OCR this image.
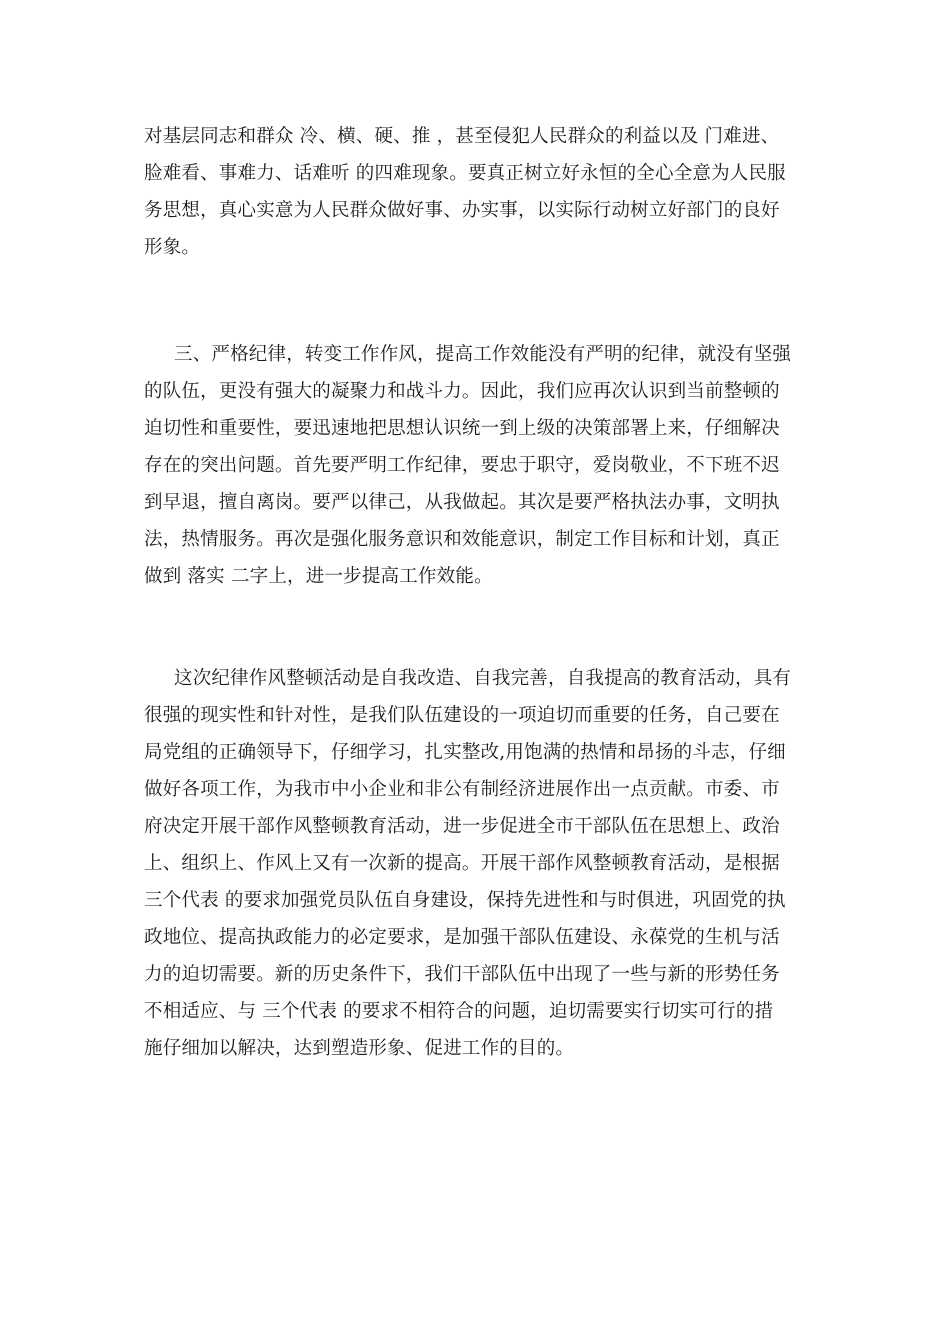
对基层同志和群众 冷、横、硬、推 ，甚至侵犯人民群众的利益以及 门难进、
脸难看、事难力、话难听 的四难现象。要真正树立好永恒的全心全意为人民服
务思想，真心实意为人民群众做好事、办实事，以实际行动树立好部门的良好
形象。
三、严格纪律，转变工作作风，提高工作效能没有严明的纪律，就没有坚强
的队伍，更没有强大的凝聚力和战斗力。因此，我们应再次认识到当前整顿的
迫切性和重要性，要迅速地把思想认识统一到上级的决策部署上来，仔细解决
存在的突出问题。首先要严明工作纪律，要忠于职守，爱岗敬业，不下班不迟
到早退，擅自离岗。要严以律己，从我做起。其次是要严格执法办事，文明执
法，热情服务。再次是强化服务意识和效能意识，制定工作目标和计划，真正
做到 落实 二字上，进一步提高工作效能。
这次纪律作风整顿活动是自我改造、自我完善，自我提高的教育活动，具有
很强的现实性和针对性，是我们队伍建设的一项迫切而重要的任务，自己要在
局党组的正确领导下，仔细学习，扎实整改,用饱满的热情和昂扬的斗志，仔细
做好各项工作，为我市中小企业和非公有制经济进展作出一点贡献。市委、市
府决定开展干部作风整顿教育活动，进一步促进全市干部队伍在思想上、政治
上、组织上、作风上又有一次新的提高。开展干部作风整顿教育活动，是根据
三个代表 的要求加强党员队伍自身建设，保持先进性和与时俱进，巩固党的执
政地位、提高执政能力的必定要求，是加强干部队伍建设、永葆党的生机与活
力的迫切需要。新的历史条件下，我们干部队伍中出现了一些与新的形势任务
不相适应、与 三个代表 的要求不相符合的问题，迫切需要实行切实可行的措
施仔细加以解决，达到塑造形象、促进工作的目的。
